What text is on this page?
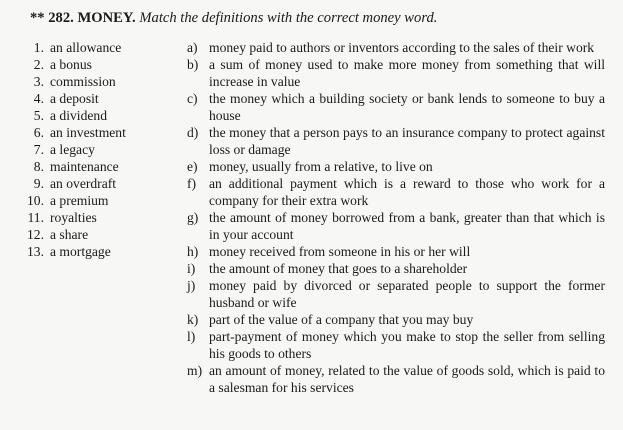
** 282. MONEY. Match the definitions with the correct money word.
1. an allowance
2. a bonus
3. commission
4. a deposit
5. a dividend
6. an investment
7. a legacy
8. maintenance
9. an overdraft
10. a premium
11. royalties
12. a share
13. a mortgage
a) money paid to authors or inventors according to the sales of their work
b) a sum of money used to make more money from something that will increase in value
c) the money which a building society or bank lends to someone to buy a house
d) the money that a person pays to an insurance company to protect against loss or damage
e) money, usually from a relative, to live on
f) an additional payment which is a reward to those who work for a company for their extra work
g) the amount of money borrowed from a bank, greater than that which is in your account
h) money received from someone in his or her will
i)	the amount of money that goes to a shareholder
j)	money paid by divorced or separated people to support the former husband or wife
k) part of the value of a company that you may buy
l)	part-payment of money which you make to stop the seller from selling his goods to others
m) an amount of money, related to the value of goods sold, which is paid to a salesman for his services
